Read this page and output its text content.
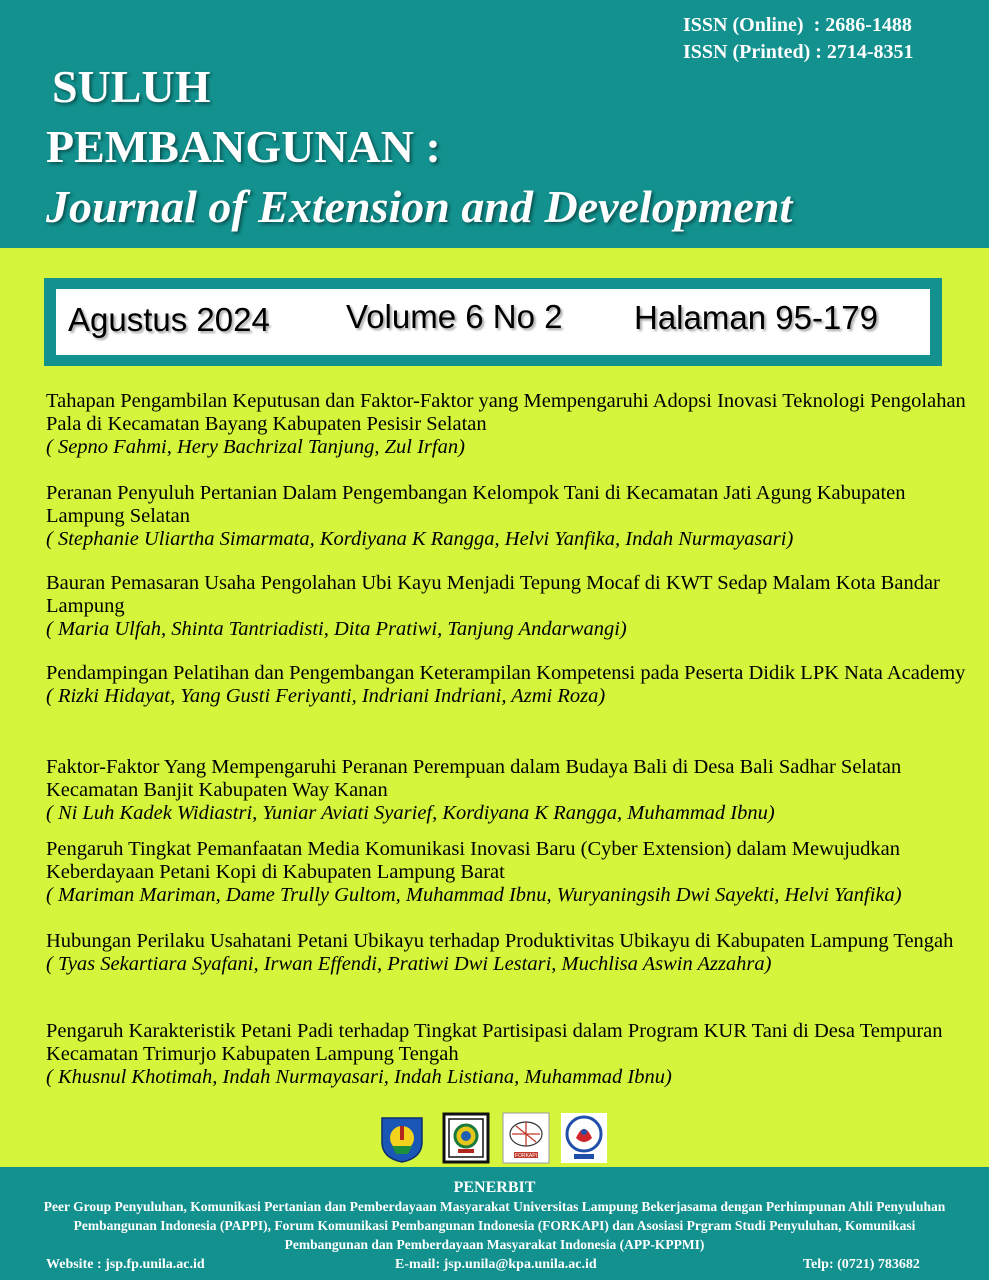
ISSN (Online)  : 2686-1488
ISSN (Printed) : 2714-8351
SULUH
PEMBANGUNAN :
Journal of Extension and Development
Agustus 2024 Volume 6 No 2 Halaman 95-179
Tahapan Pengambilan Keputusan dan Faktor-Faktor yang Mempengaruhi Adopsi Inovasi Teknologi Pengolahan Pala di Kecamatan Bayang Kabupaten Pesisir Selatan
( Sepno Fahmi, Hery Bachrizal Tanjung, Zul Irfan)
Peranan Penyuluh Pertanian Dalam Pengembangan Kelompok Tani di Kecamatan Jati Agung Kabupaten Lampung Selatan
( Stephanie Uliartha Simarmata, Kordiyana K Rangga, Helvi Yanfika, Indah Nurmayasari)
Bauran Pemasaran Usaha Pengolahan Ubi Kayu Menjadi Tepung Mocaf di KWT Sedap Malam Kota Bandar Lampung
( Maria Ulfah, Shinta Tantriadisti, Dita Pratiwi, Tanjung Andarwangi)
Pendampingan Pelatihan dan Pengembangan Keterampilan Kompetensi pada Peserta Didik LPK Nata Academy
( Rizki Hidayat, Yang Gusti Feriyanti, Indriani Indriani, Azmi Roza)
Faktor-Faktor Yang Mempengaruhi Peranan Perempuan dalam Budaya Bali di Desa Bali Sadhar Selatan Kecamatan Banjit Kabupaten Way Kanan
( Ni Luh Kadek Widiastri, Yuniar Aviati Syarief, Kordiyana K Rangga, Muhammad Ibnu)
Pengaruh Tingkat Pemanfaatan Media Komunikasi Inovasi Baru (Cyber Extension) dalam Mewujudkan Keberdayaan Petani Kopi di Kabupaten Lampung Barat
( Mariman Mariman, Dame Trully Gultom, Muhammad Ibnu, Wuryaningsih Dwi Sayekti, Helvi Yanfika)
Hubungan Perilaku Usahatani Petani Ubikayu terhadap Produktivitas Ubikayu di Kabupaten Lampung Tengah
( Tyas Sekartiara Syafani, Irwan Effendi, Pratiwi Dwi Lestari, Muchlisa Aswin Azzahra)
Pengaruh Karakteristik Petani Padi terhadap Tingkat Partisipasi dalam Program KUR Tani di Desa Tempuran Kecamatan Trimurjo Kabupaten Lampung Tengah
( Khusnul Khotimah, Indah Nurmayasari, Indah Listiana, Muhammad Ibnu)
FORKAPI
PENERBIT
Peer Group Penyuluhan, Komunikasi Pertanian dan Pemberdayaan Masyarakat Universitas Lampung Bekerjasama dengan Perhimpunan Ahli Penyuluhan Pembangunan Indonesia (PAPPI), Forum Komunikasi Pembangunan Indonesia (FORKAPI) dan Asosiasi Prgram Studi Penyuluhan, Komunikasi Pembangunan dan Pemberdayaan Masyarakat Indonesia (APP-KPPMI)
Website : jsp.fp.unila.ac.id	E-mail: jsp.unila@kpa.unila.ac.id	Telp: (0721) 783682
